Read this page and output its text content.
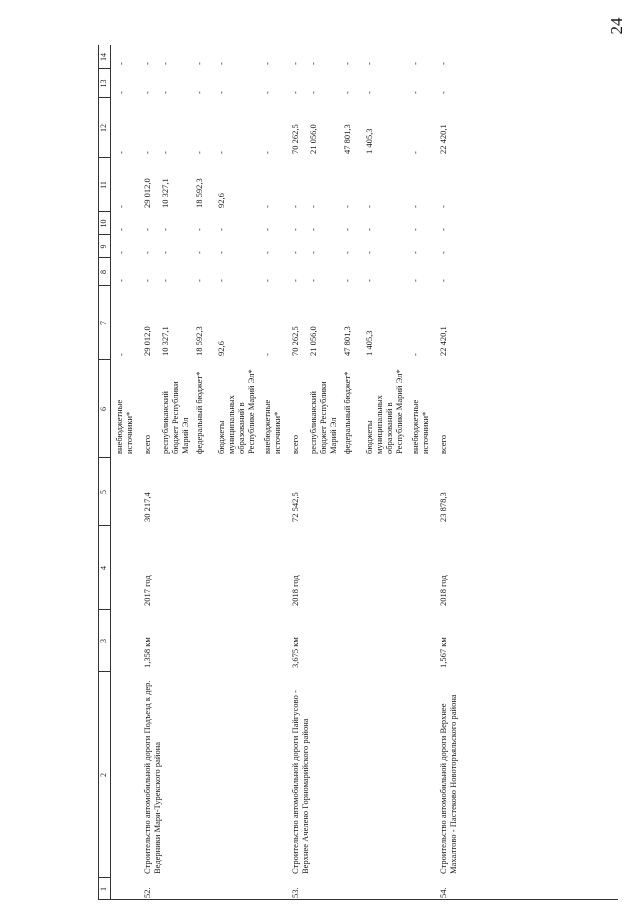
24
1
2
3
4
5
6
7
8
9
10
11
12
13
14
внебюджетные источники*
-
-
-
-
-
-
-
-
52.
Строительство автомобильной дороги Подъезд к дер. Ведерники Мари-Турекского района
1,358 км
2017 год
30 217,4
всего
29 012,0
-
-
-
29 012,0
-
-
-
республиканский бюджет Республики Марий Эл
10 327,1
-
-
-
10 327,1
-
-
-
федеральный бюджет*
18 592,3
-
-
-
18 592,3
-
-
-
бюджеты муниципальных образований в Республике Марий Эл*
92,6
-
-
-
92,6
-
-
-
внебюджетные источники*
-
-
-
-
-
-
-
-
53.
Строительство автомобильной дороги Пайгусово - Верхнее Ачелено Горномарийского района
3,675 км
2018 год
72 542,5
всего
70 262,5
-
-
-
-
70 262,5
-
-
республиканский бюджет Республики Марий Эл
21 056,0
-
-
-
-
21 056,0
-
-
федеральный бюджет*
47 801,3
-
-
-
-
47 801,3
-
-
бюджеты муниципальных образований в Республике Марий Эл*
1 405,3
-
-
-
-
1 405,3
-
-
внебюджетные источники*
-
-
-
-
-
-
-
-
54.
Строительство автомобильной дороги Верхнее Махалтово - Пастеково Новоторъяльского района
1,567 км
2018 год
23 878,3
всего
22 420,1
-
-
-
-
22 420,1
-
-
